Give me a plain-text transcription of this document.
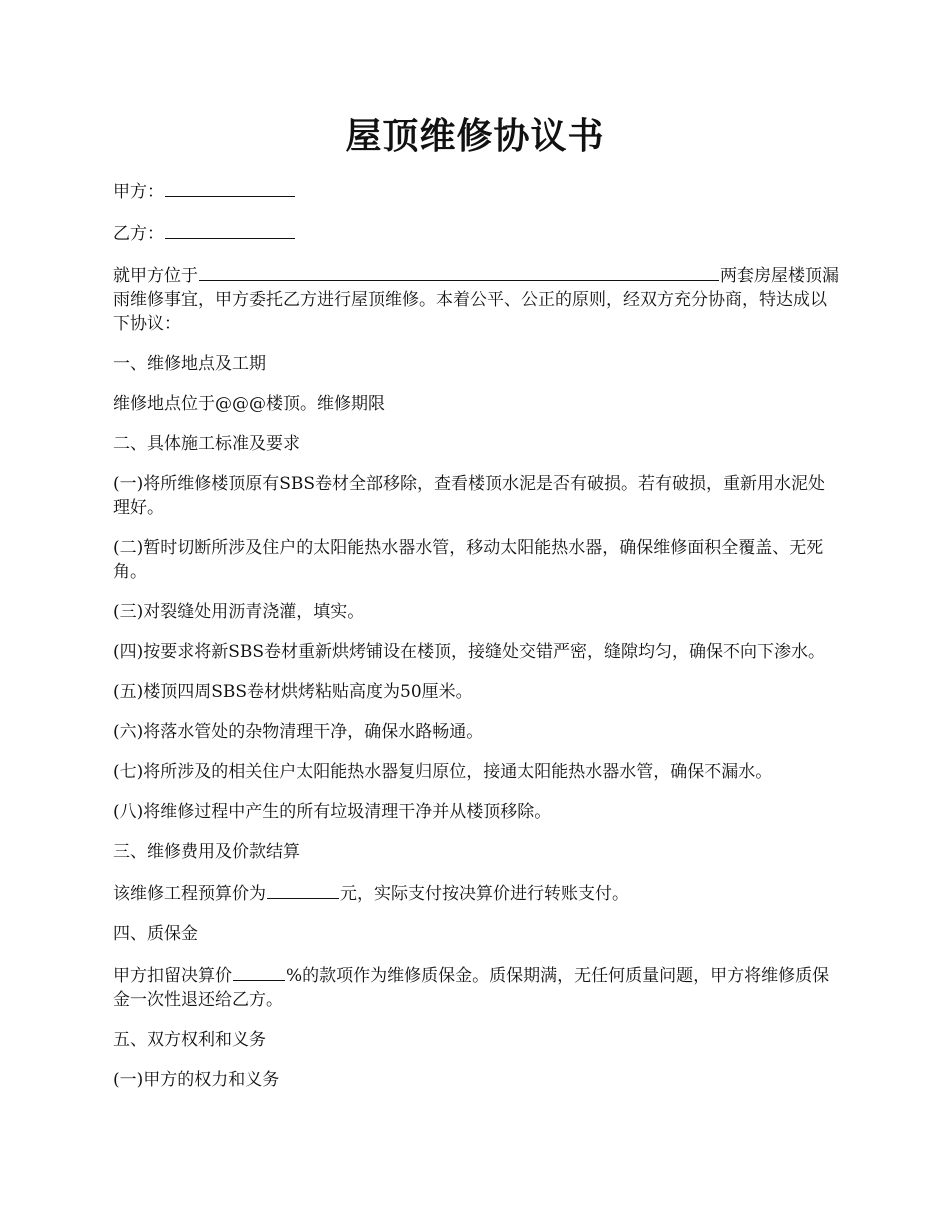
屋顶维修协议书

甲方：

乙方：

就甲方位于	两套房屋楼顶漏雨维修事宜，甲方委托乙方进行屋顶维修。本着公平、公正的原则，经双方充分协商，特达成以下协议：

一、维修地点及工期

维修地点位于@@@楼顶。维修期限

二、具体施工标准及要求

(一)将所维修楼顶原有SBS卷材全部移除，查看楼顶水泥是否有破损。若有破损，重新用水泥处理好。

(二)暂时切断所涉及住户的太阳能热水器水管，移动太阳能热水器，确保维修面积全覆盖、无死角。

(三)对裂缝处用沥青浇灌，填实。

(四)按要求将新SBS卷材重新烘烤铺设在楼顶，接缝处交错严密，缝隙均匀，确保不向下渗水。

(五)楼顶四周SBS卷材烘烤粘贴高度为50厘米。

(六)将落水管处的杂物清理干净，确保水路畅通。

(七)将所涉及的相关住户太阳能热水器复归原位，接通太阳能热水器水管，确保不漏水。

(八)将维修过程中产生的所有垃圾清理干净并从楼顶移除。

三、维修费用及价款结算

该维修工程预算价为	元，实际支付按决算价进行转账支付。

四、质保金

甲方扣留决算价	%的款项作为维修质保金。质保期满，无任何质量问题，甲方将维修质保金一次性退还给乙方。

五、双方权利和义务

(一)甲方的权力和义务
